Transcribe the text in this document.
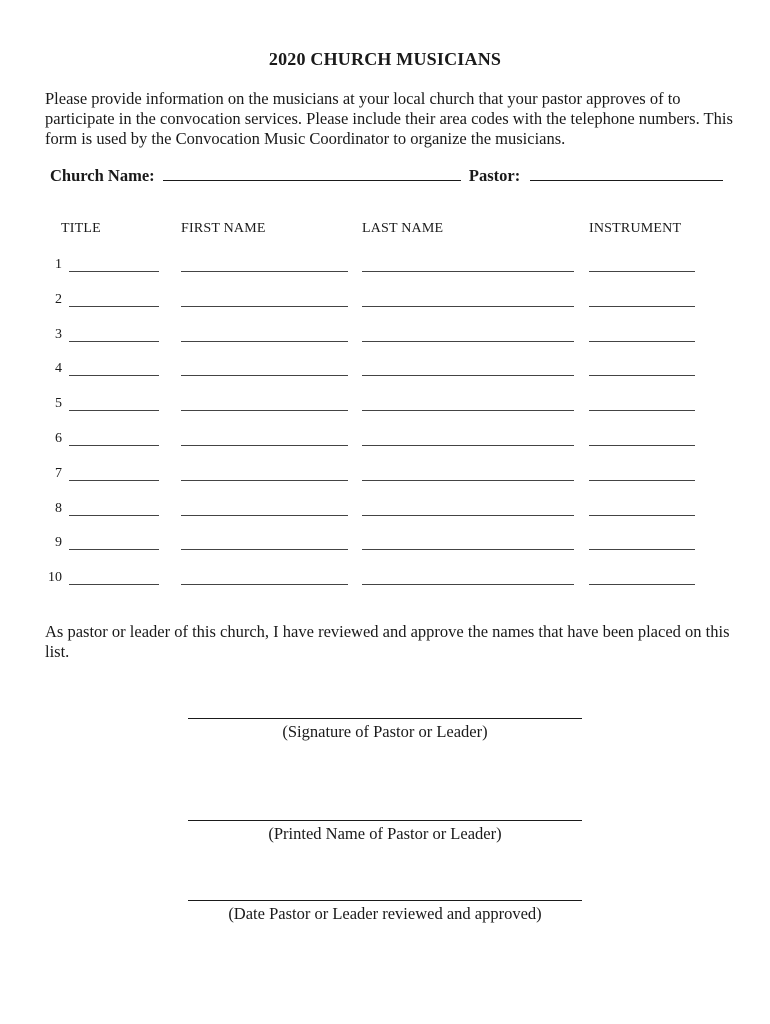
2020 CHURCH MUSICIANS
Please provide information on the musicians at your local church that your pastor approves of to participate in the convocation services. Please include their area codes with the telephone numbers. This form is used by the Convocation Music Coordinator to organize the musicians.
Church Name:	Pastor:
TITLE	FIRST NAME	LAST NAME	INSTRUMENT
1
2
3
4
5
6
7
8
9
10
As pastor or leader of this church, I have reviewed and approve the names that have been placed on this list.
(Signature of Pastor or Leader)
(Printed Name of Pastor or Leader)
(Date Pastor or Leader reviewed and approved)
